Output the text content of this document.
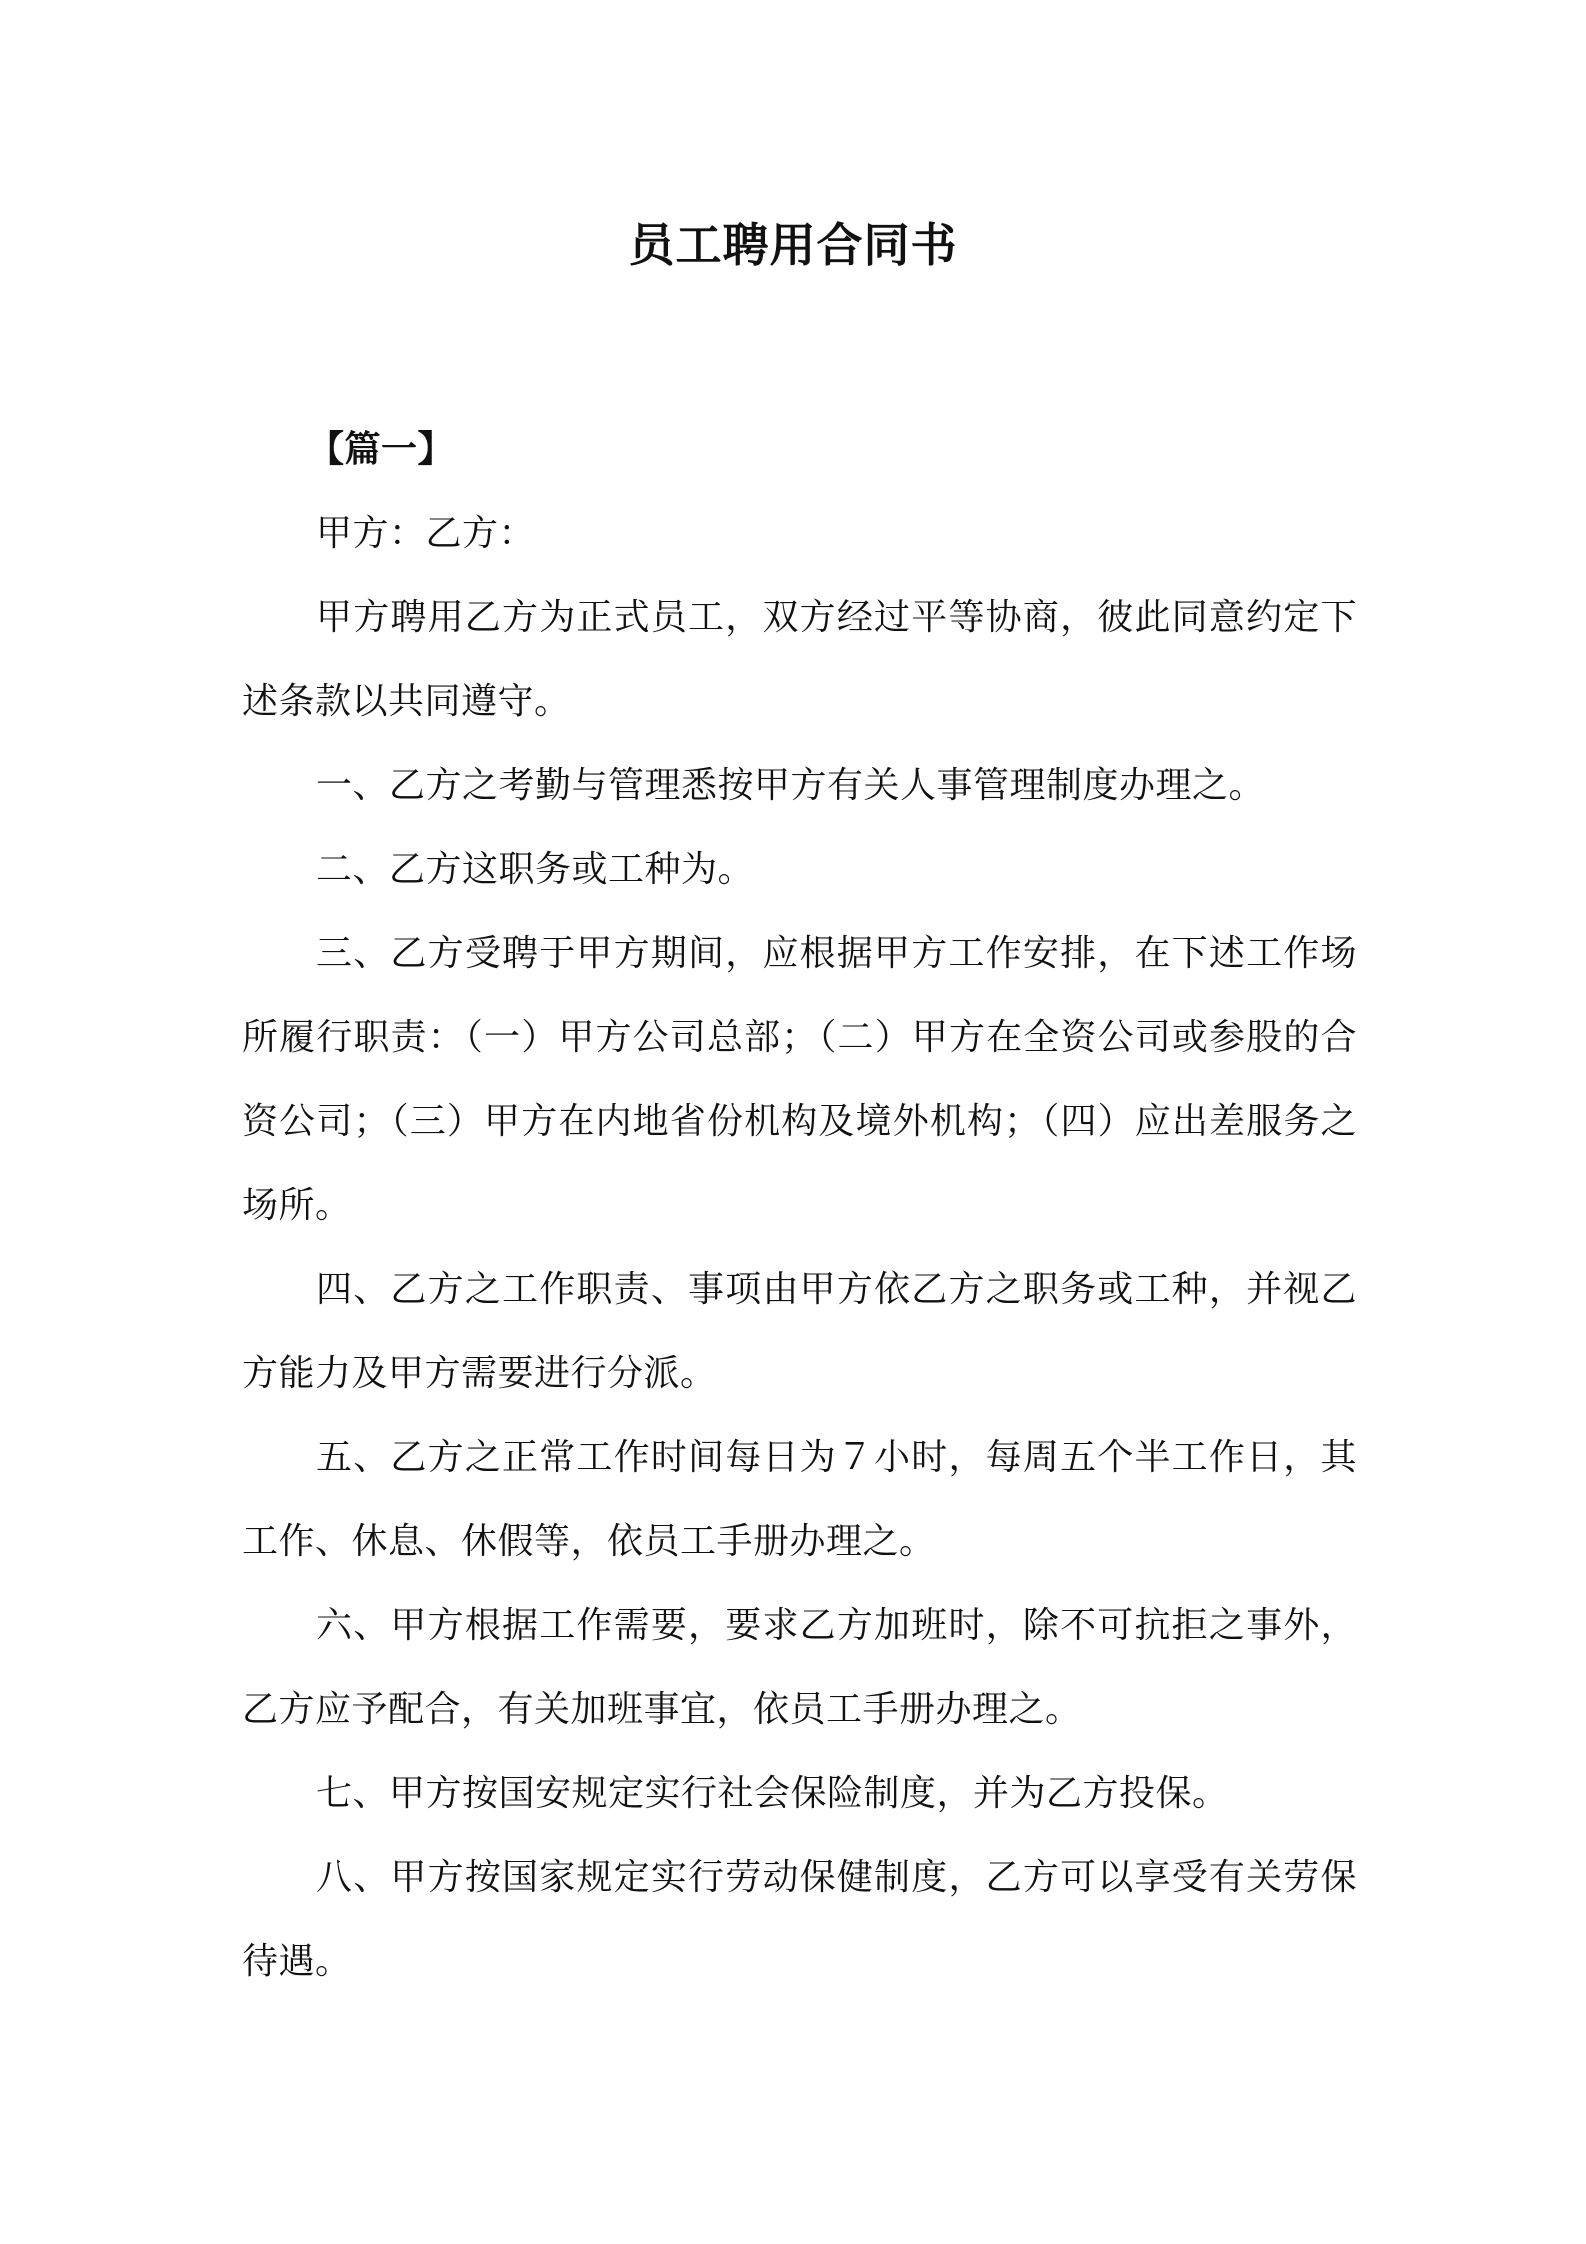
员工聘用合同书

【篇一】

甲方：乙方：

甲方聘用乙方为正式员工，双方经过平等协商，彼此同意约定下述条款以共同遵守。

一、乙方之考勤与管理悉按甲方有关人事管理制度办理之。

二、乙方这职务或工种为。

三、乙方受聘于甲方期间，应根据甲方工作安排，在下述工作场所履行职责：（一）甲方公司总部；（二）甲方在全资公司或参股的合资公司；（三）甲方在内地省份机构及境外机构；（四）应出差服务之场所。

四、乙方之工作职责、事项由甲方依乙方之职务或工种，并视乙方能力及甲方需要进行分派。

五、乙方之正常工作时间每日为７小时，每周五个半工作日，其工作、休息、休假等，依员工手册办理之。

六、甲方根据工作需要，要求乙方加班时，除不可抗拒之事外，乙方应予配合，有关加班事宜，依员工手册办理之。

七、甲方按国安规定实行社会保险制度，并为乙方投保。

八、甲方按国家规定实行劳动保健制度，乙方可以享受有关劳保待遇。
